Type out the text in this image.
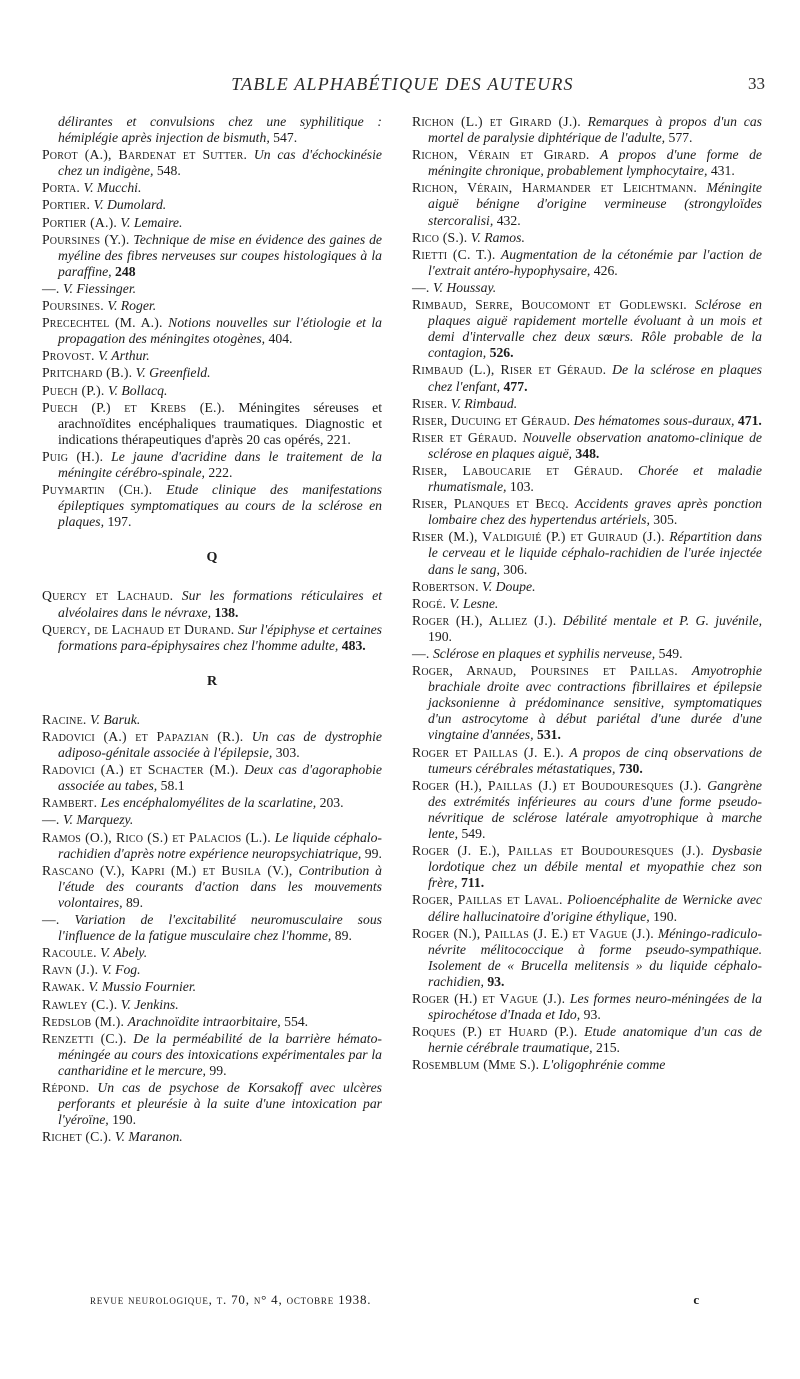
TABLE ALPHABÉTIQUE DES AUTEURS	33
délirantes et convulsions chez une syphilitique : hémiplégie après injection de bismuth, 547.
Porot (A.), Bardenat et Sutter. Un cas d'échockinésie chez un indigène, 548.
Porta. V. Mucchi.
Portier. V. Dumolard.
Portier (A.). V. Lemaire.
Poursines (Y.). Technique de mise en évidence des gaines de myéline des fibres nerveuses sur coupes histologiques à la paraffine, 248
—. V. Fiessinger.
Poursines. V. Roger.
Precechtel (M. A.). Notions nouvelles sur l'étiologie et la propagation des méningites otogènes, 404.
Provost. V. Arthur.
Pritchard (B.). V. Greenfield.
Puech (P.). V. Bollacq.
Puech (P.) et Krebs (E.). Méningites séreuses et arachnoïdites encéphaliques traumatiques. Diagnostic et indications thérapeutiques d'après 20 cas opérés, 221.
Puig (H.). Le jaune d'acridine dans le traitement de la méningite cérébro-spinale, 222.
Puymartin (Ch.). Etude clinique des manifestations épileptiques symptomatiques au cours de la sclérose en plaques, 197.
Q
Quercy et Lachaud. Sur les formations réticulaires et alvéolaires dans le névraxe, 138.
Quercy, de Lachaud et Durand. Sur l'épiphyse et certaines formations para-épiphysaires chez l'homme adulte, 483.
R
Racine. V. Baruk.
Radovici (A.) et Papazian (R.). Un cas de dystrophie adiposo-génitale associée à l'épilepsie, 303.
Radovici (A.) et Schacter (M.). Deux cas d'agoraphobie associée au tabes, 58.1
Rambert. Les encéphalomyélites de la scarlatine, 203.
—. V. Marquezy.
Ramos (O.), Rico (S.) et Palacios (L.). Le liquide céphalo-rachidien d'après notre expérience neuropsychiatrique, 99.
Rascano (V.), Kapri (M.) et Busila (V.), Contribution à l'étude des courants d'action dans les mouvements volontaires, 89.
—. Variation de l'excitabilité neuromusculaire sous l'influence de la fatigue musculaire chez l'homme, 89.
Racoule. V. Abely.
Ravn (J.). V. Fog.
Rawak. V. Mussio Fournier.
Rawley (C.). V. Jenkins.
Redslob (M.). Arachnoïdite intraorbitaire, 554.
Renzetti (C.). De la perméabilité de la barrière hémato-méningée au cours des intoxications expérimentales par la cantharidine et le mercure, 99.
Répond. Un cas de psychose de Korsakoff avec ulcères perforants et pleurésie à la suite d'une intoxication par l'yéroïne, 190.
Richet (C.). V. Maranon.
Richon (L.) et Girard (J.). Remarques à propos d'un cas mortel de paralysie diphtérique de l'adulte, 577.
Richon, Vérain et Girard. A propos d'une forme de méningite chronique, probablement lymphocytaire, 431.
Richon, Vérain, Harmander et Leichtmann. Méningite aiguë bénigne d'origine vermineuse (strongyloïdes stercoralisi, 432.
Rico (S.). V. Ramos.
Rietti (C. T.). Augmentation de la cétonémie par l'action de l'extrait antéro-hypophysaire, 426.
—. V. Houssay.
Rimbaud, Serre, Boucomont et Godlewski. Sclérose en plaques aiguë rapidement mortelle évoluant à un mois et demi d'intervalle chez deux sœurs. Rôle probable de la contagion, 526.
Rimbaud (L.), Riser et Géraud. De la sclérose en plaques chez l'enfant, 477.
Riser. V. Rimbaud.
Riser, Ducuing et Géraud. Des hématomes sous-duraux, 471.
Riser et Géraud. Nouvelle observation anatomo-clinique de sclérose en plaques aiguë, 348.
Riser, Laboucarie et Géraud. Chorée et maladie rhumatismale, 103.
Riser, Planques et Becq. Accidents graves après ponction lombaire chez des hypertendus artériels, 305.
Riser (M.), Valdiguié (P.) et Guiraud (J.). Répartition dans le cerveau et le liquide céphalo-rachidien de l'urée injectée dans le sang, 306.
Robertson. V. Doupe.
Rogé. V. Lesne.
Roger (H.), Alliez (J.). Débilité mentale et P. G. juvénile, 190.
—. Sclérose en plaques et syphilis nerveuse, 549.
Roger, Arnaud, Poursines et Paillas. Amyotrophie brachiale droite avec contractions fibrillaires et épilepsie jacksonienne à prédominance sensitive, symptomatiques d'un astrocytome à début pariétal d'une durée d'une vingtaine d'années, 531.
Roger et Paillas (J. E.). A propos de cinq observations de tumeurs cérébrales métastatiques, 730.
Roger (H.), Paillas (J.) et Boudouresques (J.). Gangrène des extrémités inférieures au cours d'une forme pseudo-névritique de sclérose latérale amyotrophique à marche lente, 549.
Roger (J. E.), Paillas et Boudouresques (J.). Dysbasie lordotique chez un débile mental et myopathie chez son frère, 711.
Roger, Paillas et Laval. Polioencéphalite de Wernicke avec délire hallucinatoire d'origine éthylique, 190.
Roger (N.), Paillas (J. E.) et Vague (J.). Méningo-radiculo-névrite mélitococcique à forme pseudo-sympathique. Isolement de « Brucella melitensis » du liquide céphalo-rachidien, 93.
Roger (H.) et Vague (J.). Les formes neuro-méningées de la spirochétose d'Inada et Ido, 93.
Roques (P.) et Huard (P.). Etude anatomique d'un cas de hernie cérébrale traumatique, 215.
Rosemblum (Mme S.). L'oligophrénie comme
revue neurologique, t. 70, n° 4, octobre 1938.	c
